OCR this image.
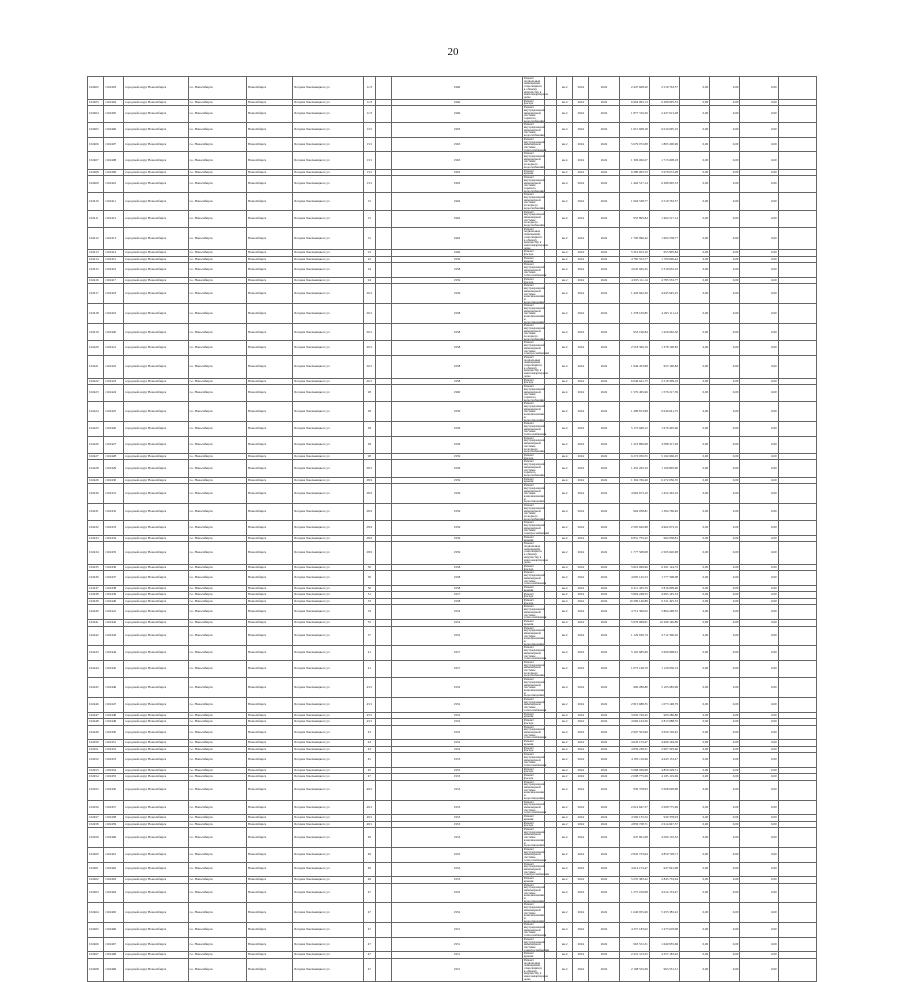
20
102402	1102403	городской округ Новосибирск	г.о. Новосибирск	Новосибирск	Богдана Хмельницкого ул	11/3		1960	Ремонт подвальных помещений, относящихся к общему имуществу в многоквартирном доме		кв.2	2024	2024	2 447 608,20	2 519 763,57	0,00	0,00	0,00	
102403	1102404	городской округ Новосибирск	г.о. Новосибирск	Новосибирск	Богдана Хмельницкого ул	11/3		1960	Ремонт фасада		кв.4	2024	2024	6 904 095,13	6 289 095,53	0,00	0,00	0,00	
102404	1102405	городской округ Новосибирск	г.о. Новосибирск	Новосибирск	Богдана Хмельницкого ул	11/3		1960	Ремонт внутридомовой инженерной системы горячего водоснабжения		кв.2	2024	2024	1 877 310,29	2 437 613,28	0,00	0,00	0,00	
102405	1102406	городской округ Новосибирск	г.о. Новосибирск	Новосибирск	Богдана Хмельницкого ул	13/1		1963	Ремонт внутридомовой инженерной системы водоснабжения		кв.4	2024	2024	1 915 608,18	6 016 095,19	0,00	0,00	0,00	
102406	1102407	городской округ Новосибирск	г.о. Новосибирск	Новосибирск	Богдана Хмельницкого ул	13/1		1963	Ремонт внутридомовой инженерной системы теплоснабжения		кв.2	2024	2024	5 679 072,08	1 865 290,99	0,00	0,00	0,00	
102407	1102408	городской округ Новосибирск	г.о. Новосибирск	Новосибирск	Богдана Хмельницкого ул	13/1		1963	Ремонт внутридомовой инженерной системы холодного водоснабжения		кв.4	2024	2024	1 306 066,07	1 715 608,18	0,00	0,00	0,00	
102408	1102409	городской округ Новосибирск	г.о. Новосибирск	Новосибирск	Богдана Хмельницкого ул	13/1		1963	Ремонт крыши		кв.2	2024	2024	6 289 095,53	5 679 072,08	0,00	0,00	0,00	
102409	1102410	городской округ Новосибирск	г.о. Новосибирск	Новосибирск	Богдана Хмельницкого ул	13/1		1963	Ремонт внутридомовой инженерной системы горячего водоснабжения		кв.4	2024	2024	1 462 517,14	6 289 095,53	0,00	0,00	0,00	
102410	1102411	городской округ Новосибирск	г.о. Новосибирск	Новосибирск	Богдана Хмельницкого ул	15		1962	Ремонт внутридомовой инженерной системы холодного водоснабжения		кв.2	2024	2024	1 604 538,77	2 519 763,57	0,00	0,00	0,00	
102411	1102412	городской округ Новосибирск	г.о. Новосибирск	Новосибирск	Богдана Хмельницкого ул	15		1962	Ремонт внутридомовой инженерной системы холодного водоснабжения		кв.4	2024	2024	955 895,84	1 462 517,14	0,00	0,00	0,00	
102412	1102413	городской округ Новосибирск	г.о. Новосибирск	Новосибирск	Богдана Хмельницкого ул	15		1962	Ремонт подвальных помещений, относящихся к общему имуществу в многоквартирном доме		кв.2	2024	2024	1 700 096,42	1 604 538,77	0,00	0,00	0,00	
102413	1102414	городской округ Новосибирск	г.о. Новосибирск	Новосибирск	Богдана Хмельницкого ул	19		1960	Ремонт фасада		кв.4	2024	2024	5 319 653,10	955 895,84	0,00	0,00	0,00	
102414	1102415	городской округ Новосибирск	г.о. Новосибирск	Новосибирск	Богдана Хмельницкого ул	22		1959	Ремонт крыши		кв.2	2024	2024	4 785 553,77	1 700 096,42	0,00	0,00	0,00	
102415	1102416	городской округ Новосибирск	г.о. Новосибирск	Новосибирск	Богдана Хмельницкого ул	24		1958	Ремонт внутридомовой инженерной системы теплоснабжения		кв.4	2024	2024	4 645 945,25	5 319 653,10	0,00	0,00	0,00	
102416	1102417	городской округ Новосибирск	г.о. Новосибирск	Новосибирск	Богдана Хмельницкого ул	24		1959	Ремонт фасада		кв.2	2024	2024	4 293 111,14	4 785 553,77	0,00	0,00	0,00	
102417	1102418	городской округ Новосибирск	г.о. Новосибирск	Новосибирск	Богдана Хмельницкого ул	26/1		1959	Ремонт внутридомовой инженерной системы канализования и водоотведения		кв.4	2024	2024	1 426 662,56	4 645 945,25	0,00	0,00	0,00	
102418	1102419	городской округ Новосибирск	г.о. Новосибирск	Новосибирск	Богдана Хмельницкого ул	26/1		1958	Ремонт внутридомовой инженерной системы канализования и водоотведения		кв.2	2024	2024	1 378 100,85	4 293 111,14	0,00	0,00	0,00	
102419	1102420	городской округ Новосибирск	г.о. Новосибирск	Новосибирск	Богдана Хмельницкого ул	26/1		1958	Ремонт внутридомовой инженерной системы холодного водоснабжения		кв.4	2024	2024	953 190,84	1 426 662,56	0,00	0,00	0,00	
102420	1102421	городской округ Новосибирск	г.о. Новосибирск	Новосибирск	Богдана Хмельницкого ул	26/1		1958	Ремонт внутридомовой инженерной системы электроснабжения		кв.2	2024	2024	2 518 309,19	1 378 100,85	0,00	0,00	0,00	
102421	1102422	городской округ Новосибирск	г.о. Новосибирск	Новосибирск	Богдана Хмельницкого ул	26/1		1958	Ремонт подвальных помещений, относящихся к общему имуществу в многоквартирном доме		кв.4	2024	2024	1 946 433,98	953 190,84	0,00	0,00	0,00	
102422	1102423	городской округ Новосибирск	г.о. Новосибирск	Новосибирск	Богдана Хмельницкого ул	26/1		1958	Ремонт фасада		кв.2	2024	2024	6 046 641,75	2 518 309,19	0,00	0,00	0,00	
102423	1102424	городской округ Новосибирск	г.о. Новосибирск	Новосибирск	Богдана Хмельницкого ул	28		1960	Ремонт внутридомовой инженерной системы горячего водоснабжения		кв.4	2024	2024	1 576 495,66	1 576 217,39	0,00	0,00	0,00	
102424	1102425	городской округ Новосибирск	г.о. Новосибирск	Новосибирск	Богдана Хмельницкого ул	28		1959	Ремонт внутридомовой инженерной системы канализования и водоотведения		кв.2	2024	2024	1 289 813,98	6 046 641,75	0,00	0,00	0,00	
102425	1102426	городской округ Новосибирск	г.о. Новосибирск	Новосибирск	Богдана Хмельницкого ул	28		1959	Ремонт внутридомовой инженерной системы теплоснабжения		кв.4	2024	2024	5 172 668,12	1 679 405,66	0,00	0,00	0,00	
102426	1102427	городской округ Новосибирск	г.о. Новосибирск	Новосибирск	Богдана Хмельницкого ул	28		1959	Ремонт внутридомовой инженерной системы холодного водоснабжения		кв.2	2024	2024	1 219 899,08	4 588 317,29	0,00	0,00	0,00	
102427	1102428	городской округ Новосибирск	г.о. Новосибирск	Новосибирск	Богдана Хмельницкого ул	28		1959	Ремонт фасада		кв.4	2024	2024	6 272 050,55	5 192 666,25	0,00	0,00	0,00	
102428	1102429	городской округ Новосибирск	г.о. Новосибирск	Новосибирск	Богдана Хмельницкого ул	28/1		1959	Ремонт внутридомовой инженерной системы горячего водоснабжения		кв.2	2024	2024	1 452 263,19	1 109 895,90	0,00	0,00	0,00	
102429	1102430	городской округ Новосибирск	г.о. Новосибирск	Новосибирск	Богдана Хмельницкого ул	28/2		1959	Ремонт крыши		кв.4	2024	2024	1 304 706,49	6 272 050,55	0,00	0,00	0,00	
102430	1102431	городской округ Новосибирск	г.о. Новосибирск	Новосибирск	Богдана Хмельницкого ул	28/2		1959	Ремонт внутридомовой инженерной системы канализования и водоотведения		кв.2	2024	2024	4 962 673,10	1 452 263,19	0,00	0,00	0,00	
102431	1102432	городской округ Новосибирск	г.о. Новосибирск	Новосибирск	Богдана Хмельницкого ул	28/2		1959	Ремонт внутридомовой инженерной системы холодного водоснабжения		кв.4	2024	2024	904 958,81	1 304 706,49	0,00	0,00	0,00	
102432	1102433	городской округ Новосибирск	г.о. Новосибирск	Новосибирск	Богдана Хмельницкого ул	28/2		1959	Ремонт внутридомовой инженерной системы электроснабжения		кв.2	2024	2024	2 565 620,98	4 962 673,10	0,00	0,00	0,00	
102433	1102434	городской округ Новосибирск	г.о. Новосибирск	Новосибирск	Богдана Хмельницкого ул	28/2		1959	Ремонт крыши		кв.4	2024	2024	6 831 755,22	904 958,81	0,00	0,00	0,00	
102434	1102435	городской округ Новосибирск	г.о. Новосибирск	Новосибирск	Богдана Хмельницкого ул	28/2		1959	Ремонт подвальных помещений, относящихся к общему имуществу в многоквартирном доме		кв.2	2024	2024	1 777 508,08	2 565 620,98	0,00	0,00	0,00	
102435	1102436	городской округ Новосибирск	г.о. Новосибирск	Новосибирск	Богдана Хмельницкого ул	30		1958	Ремонт фасада		кв.4	2024	2024	5 816 099,96	6 291 124,72	0,00	0,00	0,00	
102436	1102437	городской округ Новосибирск	г.о. Новосибирск	Новосибирск	Богдана Хмельницкого ул	30		1958	Ремонт внутридомовой инженерной системы теплоснабжения		кв.2	2024	2024	4 695 145,53	1 777 508,08	0,00	0,00	0,00	
102437	1102438	городской округ Новосибирск	г.о. Новосибирск	Новосибирск	Богдана Хмельницкого ул	30		1958	Ремонт крыши		кв.4	2024	2024	6 311 425,33	5 816 099,96	0,00	0,00	0,00	
102438	1102439	городской округ Новосибирск	г.о. Новосибирск	Новосибирск	Богдана Хмельницкого ул	31		1957	Ремонт фасада		кв.2	2024	2024	5 804 248,55	4 695 145,53	0,00	0,00	0,00	
102439	1102440	городской округ Новосибирск	г.о. Новосибирск	Новосибирск	Богдана Хмельницкого ул	33		1958	Ремонт фасада		кв.4	2024	2024	10 299 146,89	6 311 425,33	0,00	0,00	0,00	
102440	1102441	городской округ Новосибирск	г.о. Новосибирск	Новосибирск	Богдана Хмельницкого ул	34		1954	Ремонт внутридомовой инженерной системы теплоснабжения		кв.2	2024	2024	4 712 306,02	5 804 248,55	0,00	0,00	0,00	
102441	1102442	городской округ Новосибирск	г.о. Новосибирск	Новосибирск	Богдана Хмельницкого ул	35		1954	Ремонт крыши		кв.4	2024	2024	5 679 908,91	10 299 146,89	0,00	0,00	0,00	
102442	1102443	городской округ Новосибирск	г.о. Новосибирск	Новосибирск	Богдана Хмельницкого ул	37		1952	Ремонт внутридомовой инженерной системы канализования и водоотведения		кв.2	2024	2024	1 129 636,74	4 712 306,02	0,00	0,00	0,00	
102443	1102444	городской округ Новосибирск	г.о. Новосибирск	Новосибирск	Богдана Хмельницкого ул	41		1957	Ремонт внутридомовой инженерной системы теплоснабжения		кв.4	2024	2024	5 165 685,99	5 669 908,91	0,00	0,00	0,00	
102444	1102445	городской округ Новосибирск	г.о. Новосибирск	Новосибирск	Богдана Хмельницкого ул	41		1957	Ремонт внутридомовой инженерной системы холодного водоснабжения		кв.2	2024	2024	1 073 148,79	1 129 636,74	0,00	0,00	0,00	
102445	1102446	городской округ Новосибирск	г.о. Новосибирск	Новосибирск	Богдана Хмельницкого ул	43/1		1952	Ремонт внутридомовой инженерной системы канализования и водоотведения		кв.4	2024	2024	900 286,80	5 165 685,99	0,00	0,00	0,00	
102446	1102447	городской округ Новосибирск	г.о. Новосибирск	Новосибирск	Богдана Хмельницкого ул	43/1		1952	Ремонт внутридомовой инженерной системы теплоснабжения		кв.2	2024	2024	2 815 688,35	1 073 148,79	0,00	0,00	0,00	
102447	1102448	городской округ Новосибирск	г.о. Новосибирск	Новосибирск	Богдана Хмельницкого ул	43/1		1952	Ремонт крыши		кв.4	2024	2024	3 650 726,45	900 286,80	0,00	0,00	0,00	
102448	1102449	городской округ Новосибирск	г.о. Новосибирск	Новосибирск	Богдана Хмельницкого ул	43/1		1952	Ремонт фасада		кв.2	2024	2024	4 666 104,36	2 815 688,35	0,00	0,00	0,00	
102449	1102450	городской округ Новосибирск	г.о. Новосибирск	Новосибирск	Богдана Хмельницкого ул	43		1952	Ремонт внутридомовой инженерной системы теплоснабжения		кв.4	2024	2024	2 907 503,66	3 650 726,45	0,00	0,00	0,00	
102450	1102451	городской округ Новосибирск	г.о. Новосибирск	Новосибирск	Богдана Хмельницкого ул	43		1952	Ремонт крыши		кв.2	2024	2024	4 643 153,47	4 666 104,36	0,00	0,00	0,00	
102451	1102452	городской округ Новосибирск	г.о. Новосибирск	Новосибирск	Богдана Хмельницкого ул	43		1952	Ремонт фасада		кв.4	2024	2024	4 859 228,31	2 907 503,66	0,00	0,00	0,00	
102452	1102453	городской округ Новосибирск	г.о. Новосибирск	Новосибирск	Богдана Хмельницкого ул	45		1953	Ремонт внутридомовой инженерной системы теплоснабжения		кв.2	2024	2024	4 183 119,69	4 643 153,47	0,00	0,00	0,00	
102453	1102454	городской округ Новосибирск	г.о. Новосибирск	Новосибирск	Богдана Хмельницкого ул	45		1953	Ремонт фасада		кв.4	2024	2024	5 068 028,98	4 859 228,31	0,00	0,00	0,00	
102454	1102455	городской округ Новосибирск	г.о. Новосибирск	Новосибирск	Богдана Хмельницкого ул	47		1953	Ремонт фасада		кв.2	2024	2024	2 008 775,69	4 183 119,69	0,00	0,00	0,00	
102455	1102456	городской округ Новосибирск	г.о. Новосибирск	Новосибирск	Богдана Хмельницкого ул	49/1		1953	Ремонт внутридомовой инженерной системы канализования и водоотведения		кв.4	2024	2024	930 378,93	5 068 028,98	0,00	0,00	0,00	
102456	1102457	городской округ Новосибирск	г.о. Новосибирск	Новосибирск	Богдана Хмельницкого ул	49/1		1953	Ремонт внутридомовой инженерной системы теплоснабжения		кв.2	2024	2024	2 614 647,57	2 008 775,69	0,00	0,00	0,00	
102457	1102458	городской округ Новосибирск	г.о. Новосибирск	Новосибирск	Богдана Хмельницкого ул	49/1		1953	Ремонт крыши		кв.4	2024	2024	4 560 135,52	930 378,93	0,00	0,00	0,00	
102458	1102459	городской округ Новосибирск	г.о. Новосибирск	Новосибирск	Богдана Хмельницкого ул	49/1		1953	Ремонт фасада		кв.2	2024	2024	4 850 728,71	2 614 647,57	0,00	0,00	0,00	
102459	1102460	городской округ Новосибирск	г.о. Новосибирск	Новосибирск	Богдана Хмельницкого ул	49		1953	Ремонт внутридомовой инженерной системы канализования и водоотведения		кв.4	2024	2024	947 691,08	4 560 135,52	0,00	0,00	0,00	
102460	1102461	городской округ Новосибирск	г.о. Новосибирск	Новосибирск	Богдана Хмельницкого ул	49		1953	Ремонт внутридомовой инженерной системы теплоснабжения		кв.2	2024	2024	2 845 733,04	4 850 728,71	0,00	0,00	0,00	
102461	1102462	городской округ Новосибирск	г.о. Новосибирск	Новосибирск	Богдана Хмельницкого ул	49		1953	Ремонт внутридомовой инженерной системы электроснабжения		кв.4	2024	2024	4 614 153,47	947 691,08	0,00	0,00	0,00	
102462	1102463	городской округ Новосибирск	г.о. Новосибирск	Новосибирск	Богдана Хмельницкого ул	49		1953	Ремонт крыши		кв.2	2024	2024	5 255 383,22	2 845 733,04	0,00	0,00	0,00	
102463	1102464	городской округ Новосибирск	г.о. Новосибирск	Новосибирск	Богдана Хмельницкого ул	47		1952	Ремонт внутридомовой инженерной системы канализования и водоотведения		кв.4	2024	2024	1 275 018,08	4 614 153,47	0,00	0,00	0,00	
102464	1102465	городской округ Новосибирск	г.о. Новосибирск	Новосибирск	Богдана Хмельницкого ул	47		1952	Ремонт внутридомовой инженерной системы канализования и водоотведения		кв.2	2024	2024	1 640 955,69	5 255 383,22	0,00	0,00	0,00	
102465	1102466	городской округ Новосибирск	г.о. Новосибирск	Новосибирск	Богдана Хмельницкого ул	47		1951	Ремонт внутридомовой инженерной системы теплоснабжения		кв.4	2024	2024	4 257 183,02	1 275 018,08	0,00	0,00	0,00	
102466	1102467	городской округ Новосибирск	г.о. Новосибирск	Новосибирск	Богдана Хмельницкого ул	47		1951	Ремонт внутридомовой инженерной системы электроснабжения		кв.2	2024	2024	963 531,51	1 640 955,69	0,00	0,00	0,00	
102467	1102468	городской округ Новосибирск	г.о. Новосибирск	Новосибирск	Богдана Хмельницкого ул	47		1951	Ремонт крыши		кв.4	2024	2024	2 431 313,35	4 257 183,02	0,00	0,00	0,00	
102468	1102469	городской округ Новосибирск	г.о. Новосибирск	Новосибирск	Богдана Хмельницкого ул	47		1951	Ремонт подвальных помещений, относящихся к общему имуществу в многоквартирном доме		кв.2	2024	2024	2 198 525,09	963 531,51	0,00	0,00	0,00	
